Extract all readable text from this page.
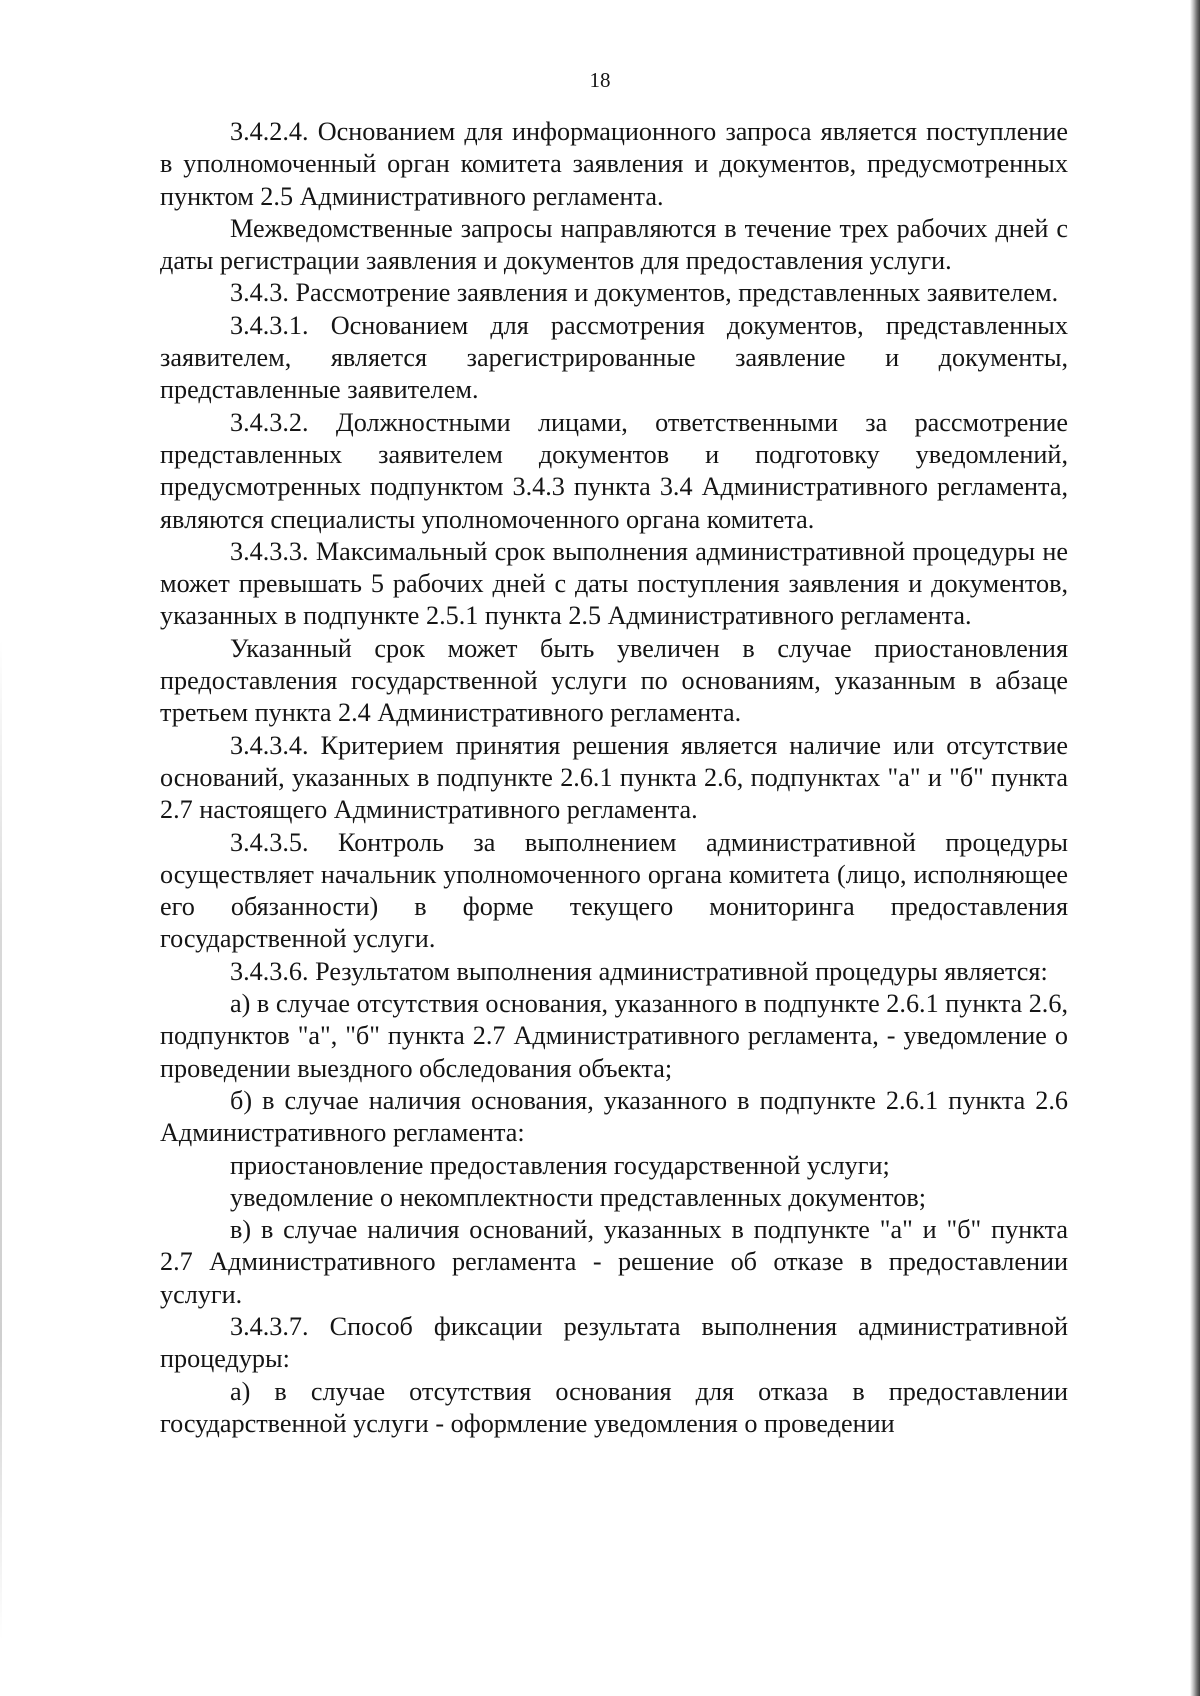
18

3.4.2.4. Основанием для информационного запроса является поступление в уполномоченный орган комитета заявления и документов, предусмотренных пунктом 2.5 Административного регламента.

Межведомственные запросы направляются в течение трех рабочих дней с даты регистрации заявления и документов для предоставления услуги.

3.4.3. Рассмотрение заявления и документов, представленных заявителем.

3.4.3.1. Основанием для рассмотрения документов, представленных заявителем, является зарегистрированные заявление и документы, представленные заявителем.

3.4.3.2. Должностными лицами, ответственными за рассмотрение представленных заявителем документов и подготовку уведомлений, предусмотренных подпунктом 3.4.3 пункта 3.4 Административного регламента, являются специалисты уполномоченного органа комитета.

3.4.3.3. Максимальный срок выполнения административной процедуры не может превышать 5 рабочих дней с даты поступления заявления и документов, указанных в подпункте 2.5.1 пункта 2.5 Административного регламента.

Указанный срок может быть увеличен в случае приостановления предоставления государственной услуги по основаниям, указанным в абзаце третьем пункта 2.4 Административного регламента.

3.4.3.4. Критерием принятия решения является наличие или отсутствие оснований, указанных в подпункте 2.6.1 пункта 2.6, подпунктах "а" и "б" пункта 2.7 настоящего Административного регламента.

3.4.3.5. Контроль за выполнением административной процедуры осуществляет начальник уполномоченного органа комитета (лицо, исполняющее его обязанности) в форме текущего мониторинга предоставления государственной услуги.

3.4.3.6. Результатом выполнения административной процедуры является:

а) в случае отсутствия основания, указанного в подпункте 2.6.1 пункта 2.6, подпунктов "а", "б" пункта 2.7 Административного регламента, - уведомление о проведении выездного обследования объекта;

б) в случае наличия основания, указанного в подпункте 2.6.1 пункта 2.6 Административного регламента:

приостановление предоставления государственной услуги;

уведомление о некомплектности представленных документов;

в) в случае наличия оснований, указанных в подпункте "а" и "б" пункта 2.7 Административного регламента - решение об отказе в предоставлении услуги.

3.4.3.7. Способ фиксации результата выполнения административной процедуры:

а) в случае отсутствия основания для отказа в предоставлении государственной услуги - оформление уведомления о проведении
